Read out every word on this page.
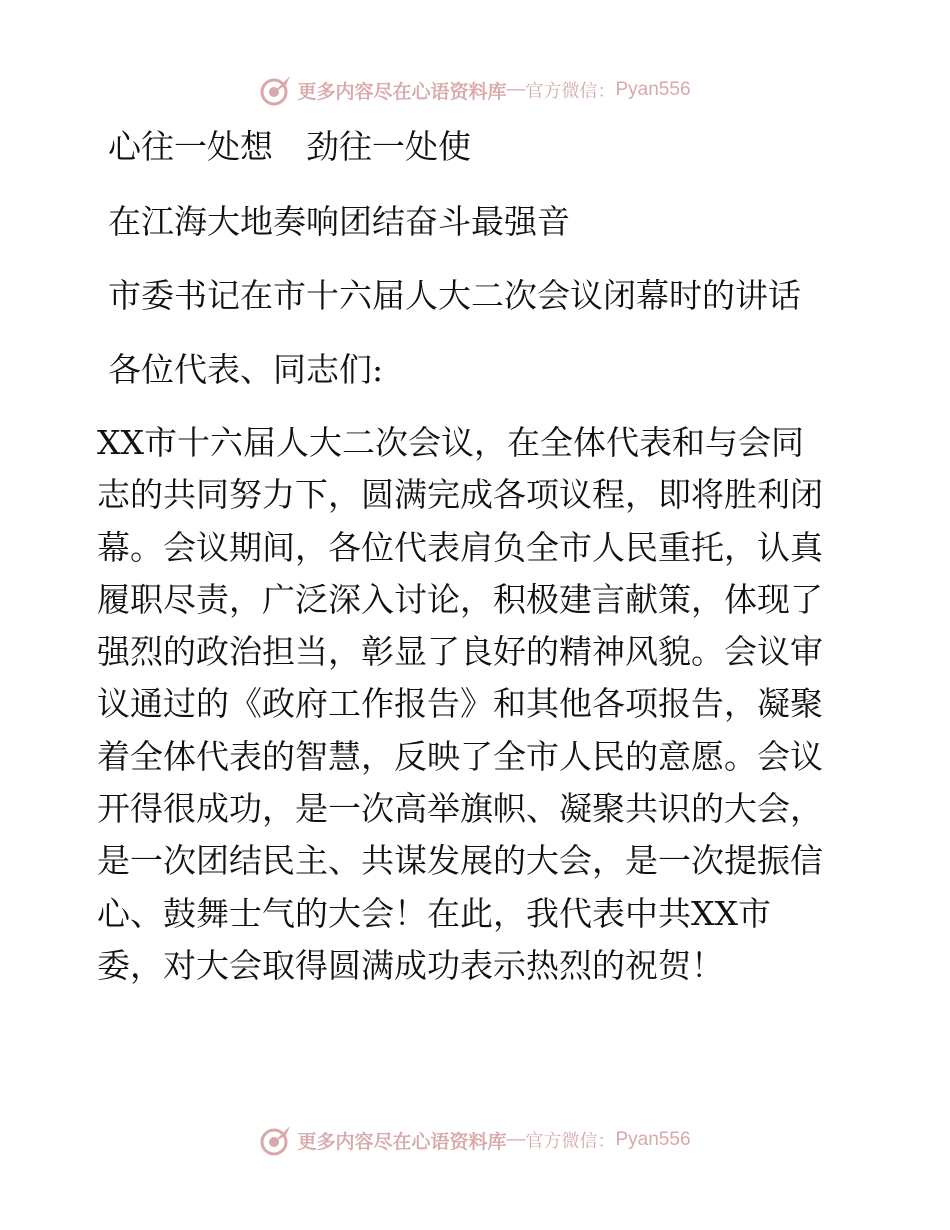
更多内容尽在心语资料库 — 官方微信： Pyan556
心往一处想　劲往一处使
在江海大地奏响团结奋斗最强音
市委书记在市十六届人大二次会议闭幕时的讲话
各位代表、同志们:
XX市十六届人大二次会议，在全体代表和与会同
志的共同努力下，圆满完成各项议程，即将胜利闭
幕。会议期间，各位代表肩负全市人民重托，认真
履职尽责，广泛深入讨论，积极建言献策，体现了
强烈的政治担当，彰显了良好的精神风貌。会议审
议通过的《政府工作报告》和其他各项报告，凝聚
着全体代表的智慧，反映了全市人民的意愿。会议
开得很成功，是一次高举旗帜、凝聚共识的大会，
是一次团结民主、共谋发展的大会，是一次提振信
心、鼓舞士气的大会！在此，我代表中共XX市
委，对大会取得圆满成功表示热烈的祝贺！
更多内容尽在心语资料库 — 官方微信： Pyan556
